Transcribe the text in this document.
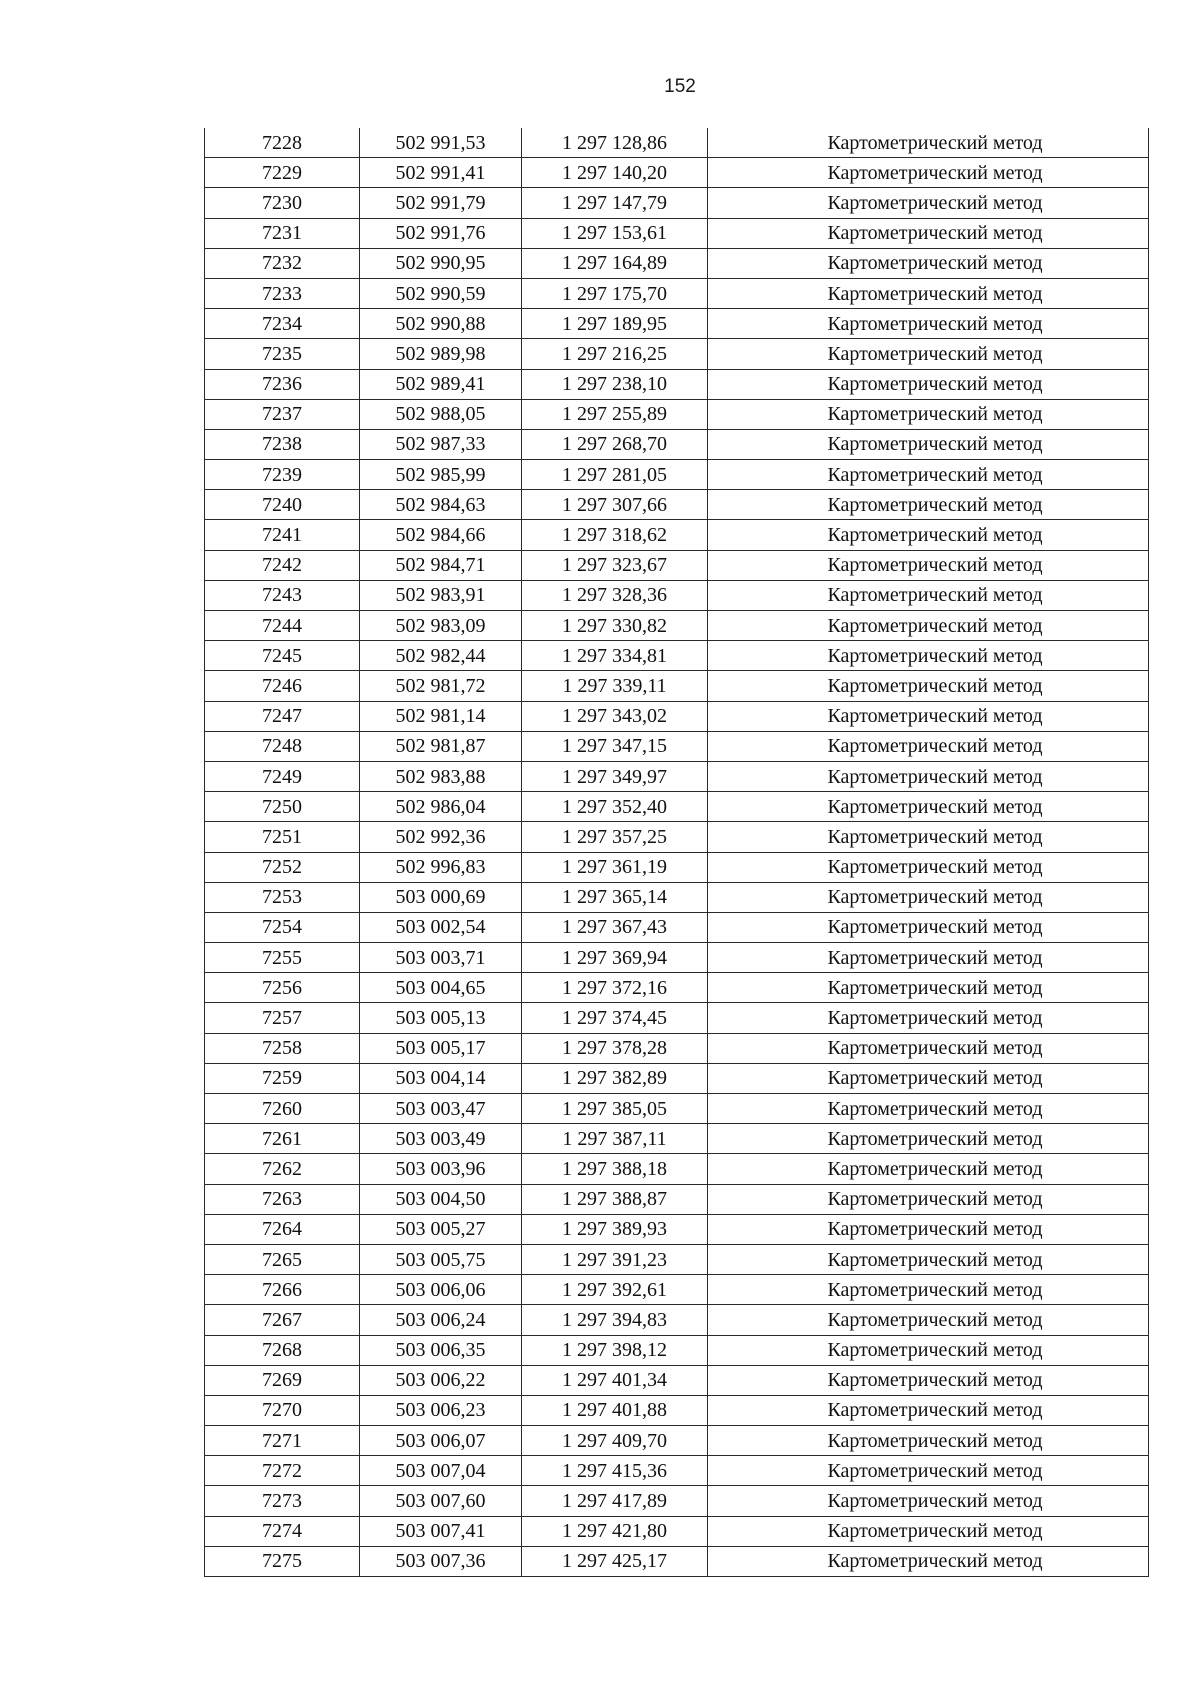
152
7228	502 991,53	1 297 128,86	Картометрический метод
7229	502 991,41	1 297 140,20	Картометрический метод
7230	502 991,79	1 297 147,79	Картометрический метод
7231	502 991,76	1 297 153,61	Картометрический метод
7232	502 990,95	1 297 164,89	Картометрический метод
7233	502 990,59	1 297 175,70	Картометрический метод
7234	502 990,88	1 297 189,95	Картометрический метод
7235	502 989,98	1 297 216,25	Картометрический метод
7236	502 989,41	1 297 238,10	Картометрический метод
7237	502 988,05	1 297 255,89	Картометрический метод
7238	502 987,33	1 297 268,70	Картометрический метод
7239	502 985,99	1 297 281,05	Картометрический метод
7240	502 984,63	1 297 307,66	Картометрический метод
7241	502 984,66	1 297 318,62	Картометрический метод
7242	502 984,71	1 297 323,67	Картометрический метод
7243	502 983,91	1 297 328,36	Картометрический метод
7244	502 983,09	1 297 330,82	Картометрический метод
7245	502 982,44	1 297 334,81	Картометрический метод
7246	502 981,72	1 297 339,11	Картометрический метод
7247	502 981,14	1 297 343,02	Картометрический метод
7248	502 981,87	1 297 347,15	Картометрический метод
7249	502 983,88	1 297 349,97	Картометрический метод
7250	502 986,04	1 297 352,40	Картометрический метод
7251	502 992,36	1 297 357,25	Картометрический метод
7252	502 996,83	1 297 361,19	Картометрический метод
7253	503 000,69	1 297 365,14	Картометрический метод
7254	503 002,54	1 297 367,43	Картометрический метод
7255	503 003,71	1 297 369,94	Картометрический метод
7256	503 004,65	1 297 372,16	Картометрический метод
7257	503 005,13	1 297 374,45	Картометрический метод
7258	503 005,17	1 297 378,28	Картометрический метод
7259	503 004,14	1 297 382,89	Картометрический метод
7260	503 003,47	1 297 385,05	Картометрический метод
7261	503 003,49	1 297 387,11	Картометрический метод
7262	503 003,96	1 297 388,18	Картометрический метод
7263	503 004,50	1 297 388,87	Картометрический метод
7264	503 005,27	1 297 389,93	Картометрический метод
7265	503 005,75	1 297 391,23	Картометрический метод
7266	503 006,06	1 297 392,61	Картометрический метод
7267	503 006,24	1 297 394,83	Картометрический метод
7268	503 006,35	1 297 398,12	Картометрический метод
7269	503 006,22	1 297 401,34	Картометрический метод
7270	503 006,23	1 297 401,88	Картометрический метод
7271	503 006,07	1 297 409,70	Картометрический метод
7272	503 007,04	1 297 415,36	Картометрический метод
7273	503 007,60	1 297 417,89	Картометрический метод
7274	503 007,41	1 297 421,80	Картометрический метод
7275	503 007,36	1 297 425,17	Картометрический метод
